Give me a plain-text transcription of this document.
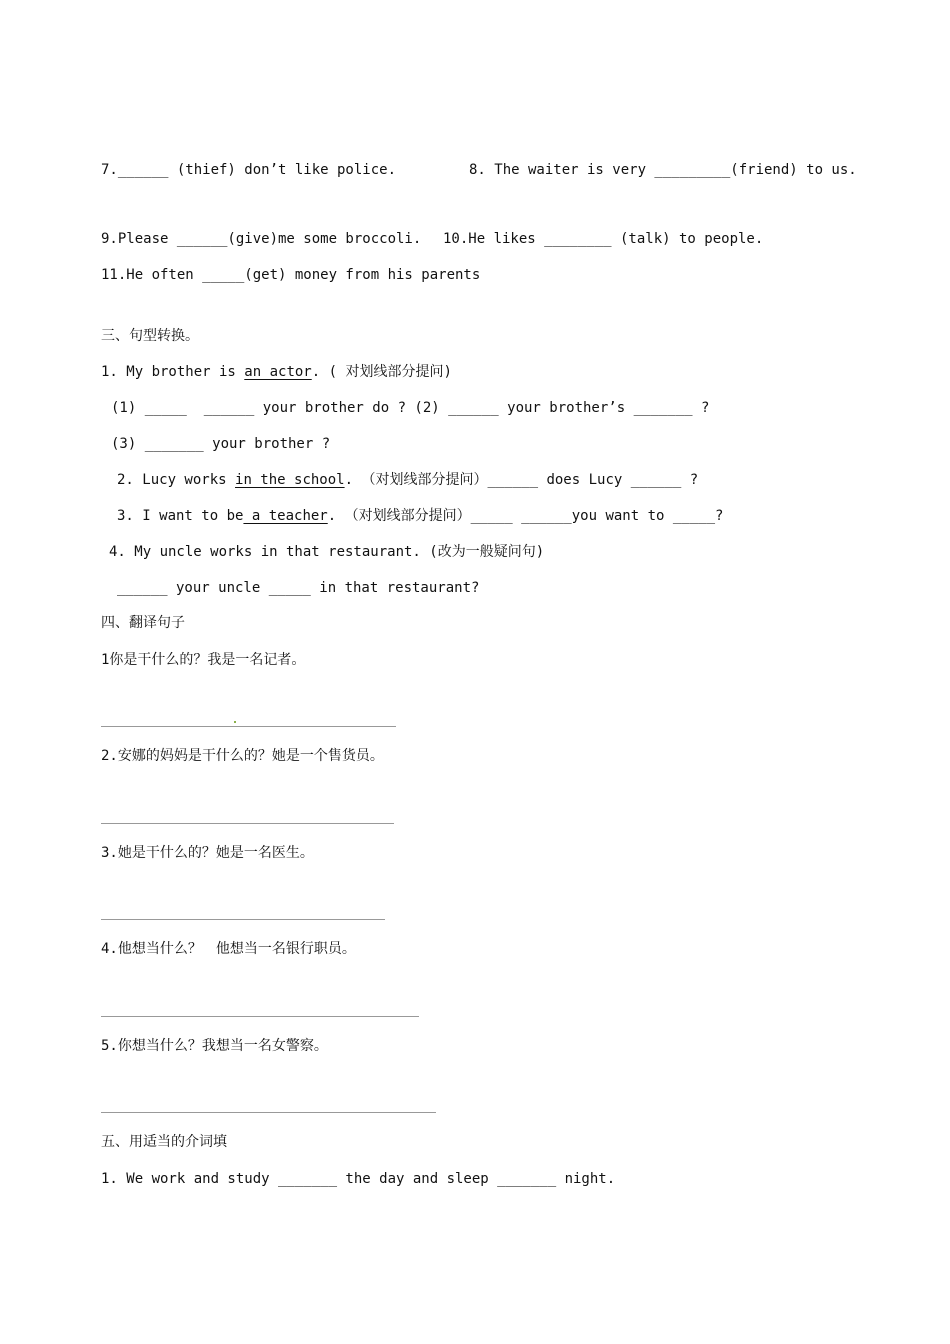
7.______ (thief) don’t like police.	8. The waiter is very _________(friend) to us.
9.Please ______(give)me some broccoli. 10.He likes ________ (talk) to people.
11.He often _____(get) money from his parents
三、句型转换。
1. My brother is an actor. ( 对划线部分提问)
(1) _____  ______ your brother do ? (2) ______ your brother’s _______ ?
(3) _______ your brother ?
2. Lucy works in the school. （对划线部分提问）______ does Lucy ______ ?
3. I want to be a teacher. （对划线部分提问）_____ ______you want to _____?
4. My uncle works in that restaurant. (改为一般疑问句)
______ your uncle _____ in that restaurant?
四、翻译句子
1你是干什么的？我是一名记者。
2.安娜的妈妈是干什么的？她是一个售货员。
3.她是干什么的？她是一名医生。
4.他想当什么？　他想当一名银行职员。
5.你想当什么？我想当一名女警察。
五、用适当的介词填
1. We work and study _______ the day and sleep _______ night.
